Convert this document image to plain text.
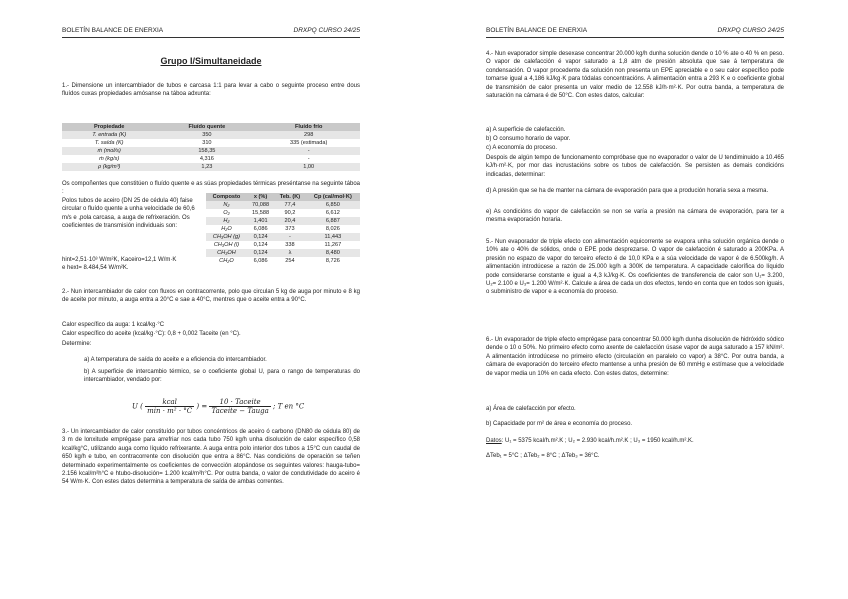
BOLETÍN BALANCE DE ENERXIA	DRXPQ CURSO 24/25
Grupo I/Simultaneidade
1.- Dimensione un intercambiador de tubos e carcasa 1:1 para levar a cabo o seguinte proceso entre dous fluídos cuxas propiedades amósanse na táboa adxunta:
Propiedade	Fluído quente	Fluído frío
T. entrada (K)	350	298
T. saída (K)	310	335 (estimada)
ṁ (mol/s)	158,35	-
ṁ (kg/s)	4,316	-
ρ (kg/m³)	1,23	1,00
Os compoñentes que constitúen o fluído quente e as súas propiedades térmicas preséntanse na seguinte táboa :
Polos tubos de aceiro (DN 25 de cédula 40) faise circular o fluído quente a unha velocidade de 60,6 m/s e ,pola carcasa, a auga de refrixeración. Os coeficientes de transmisión individuais son:
hint=2,51·10³ W/m²K, Kaceiro=12,1 W/m·K
e hext= 8.484,54 W/m²K.
Composto	x (%)	Teb. (K)	Cp (cal/mol·K)
N₂	70,088	77,4	6,850
O₂	15,588	90,2	6,612
H₂	1,401	20,4	6,887
H₂O	6,086	373	8,026
CH₃OH (g)	0,124	-	11,443
CH₃OH (l)	0,124	338	11,267
CH₃OH	0,124	λ	8,480
CH₂O	6,086	254	8,726
2.- Nun intercambiador de calor con fluxos en contracorrente, polo que circulan 5 kg de auga por minuto e 8 kg de aceite por minuto, a auga entra a 20°C e sae a 40°C, mentres que o aceite entra a 90°C.
Calor específico da auga: 1 kcal/kg·°C
Calor específico do aceite (kcal/kg·°C): 0,8 + 0,002 Taceite (en °C).
Determine:
a) A temperatura de saída do aceite e a eficiencia do intercambiador.
b) A superficie de intercambio térmico, se o coeficiente global U, para o rango de temperaturas do intercambiador, vendado por:
U ( $\frac{\text{kcal}}{\text{min · m² · °C}}$ ) = $\frac{\text{10 · Taceite}}{\text{Taceite − Tauga}}$ ; T en °C
3.- Un intercambiador de calor constituído por tubos concéntricos de aceiro ó carbono (DN80 de cédula 80) de 3 m de lonxitude emprégase para arrefriar nos cada tubo 750 kg/h unha disolución de calor específico 0,58 kcal/kg°C, utilizando auga como líquido refrixerante. A auga entra polo interior dos tubos a 15°C cun caudal de 650 kg/h e tubo, en contracorrente con disolución que entra a 86°C. Nas condicións de operación se teñen determinado experimentalmente os coeficientes de convección atopándose os seguintes valores: hauga-tubo= 2.156 kcal/m²h°C e htubo-disolución= 1.200 kcal/m²h°C. Por outra banda, o valor de condutividade do aceiro é 54 W/m·K. Con estes datos determina a temperatura de saída de ambas correntes.
BOLETÍN BALANCE DE ENERXIA	DRXPQ CURSO 24/25
4.- Nun evaporador simple desexase concentrar 20.000 kg/h dunha solución dende o 10 % ate o 40 % en peso. O vapor de calefacción é vapor saturado a 1,8 atm de presión absoluta que sae á temperatura de condensación. O vapor procedente da solución non presenta un EPE apreciable e o seu calor específico pode tomarse igual a 4,186 kJ/kg·K para tódalas concentracións. A alimentación entra a 293 K e o coeficiente global de transmisión de calor presenta un valor medio de 12.558 kJ/h·m²·K. Por outra banda, a temperatura de saturación na cámara é de 50°C. Con estes datos, calcular:
a) A superficie de calefacción.
b) O consumo horario de vapor.
c) A economía do proceso.
Despois de algún tempo de funcionamento compróbase que no evaporador o valor de U tendiminuido a 10.465 kJ/h·m²·K, por mor das incrustacións sobre os tubos de calefacción. Se persisten as demais condicións indicadas, determinar:
d) A presión que se ha de manter na cámara de evaporación para que a produción horaria sexa a mesma.
e) As condicións do vapor de calefacción se non se varía a presión na cámara de evaporación, para ter a mesma evaporación horaria.
5.- Nun evaporador de triple efecto con alimentación equicorrente se evapora unha solución orgánica dende o 10% ate o 40% de sólidos, onde o EPE pode desprezarse. O vapor de calefacción é saturado a 200KPa. A presión no espazo de vapor do terceiro efecto é de 10,0 KPa e a súa velocidade de vapor é de 6.500kg/h. A alimentación introdúcese a razón de 25.000 kg/h a 300K de temperatura. A capacidade calorífica do líquido pode considerarse constante e igual a 4,3 kJ/kg·K. Os coeficientes de transferencia de calor son U₁= 3.200, U₂= 2.100 e U₃= 1.200 W/m²·K. Calcule a área de cada un dos efectos, tendo en conta que en todos son iguais, o subministro de vapor e a economía do proceso.
6.- Un evaporador de triple efecto emprégase para concentrar 50.000 kg/h dunha disolución de hidróxido sódico dende o 10 o 50%. No primeiro efecto como axente de calefacción úsase vapor de auga saturado a 157 kN/m². A alimentación introdúcese no primeiro efecto (circulación en paralelo co vapor) a 38°C. Por outra banda, a cámara de evaporación do terceiro efecto mantense a unha presión de 60 mmHg e estímase que a velocidade de vapor media un 10% en cada efecto. Con estes datos, determine:
a) Área de calefacción por efecto.
b) Capacidade por m² de área e economía do proceso.
Datos: U₁ = 5375 kcal/h.m².K ; U₂ = 2.930 kcal/h.m².K ; U₃ = 1950 kcal/h.m².K.
ΔTeb₁ = 5°C ; ΔTeb₂ = 8°C ; ΔTeb₃ = 36°C.
